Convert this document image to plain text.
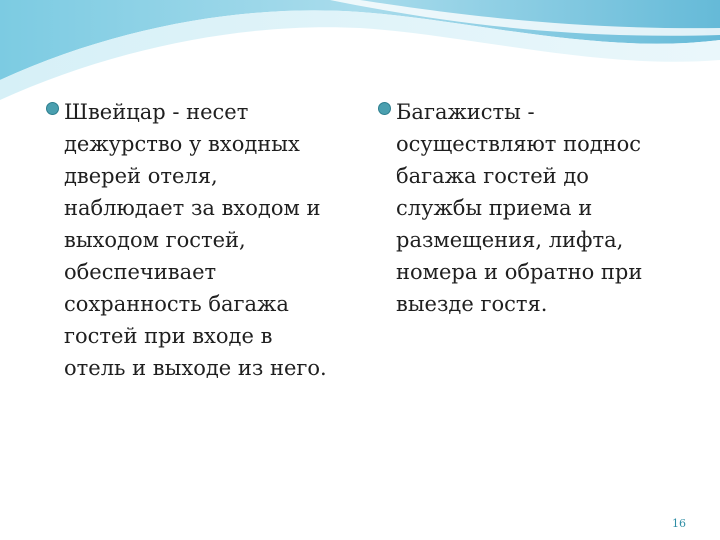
Швейцар - несет
дежурство у входных
дверей отеля,
наблюдает за входом и
выходом гостей,
обеспечивает
сохранность багажа
гостей при входе в
отель и выходе из него.
Багажисты -
осуществляют поднос
багажа гостей до
службы приема и
размещения, лифта,
номера и обратно при
выезде гостя.
16
